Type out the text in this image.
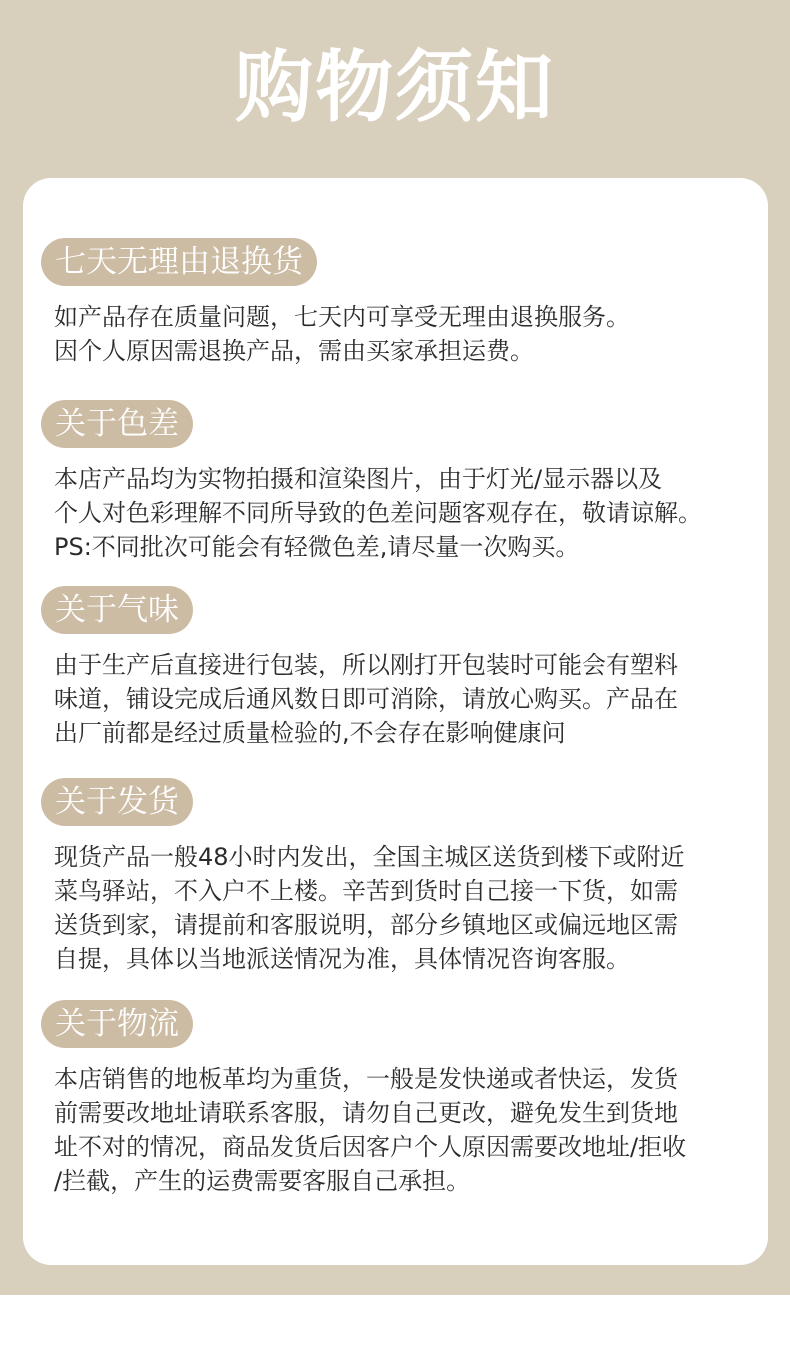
购物须知
七天无理由退换货
如产品存在质量问题，七天内可享受无理由退换服务。
因个人原因需退换产品，需由买家承担运费。
关于色差
本店产品均为实物拍摄和渲染图片，由于灯光/显示器以及
个人对色彩理解不同所导致的色差问题客观存在，敬请谅解。
PS:不同批次可能会有轻微色差,请尽量一次购买。
关于气味
由于生产后直接进行包装，所以刚打开包装时可能会有塑料
味道，铺设完成后通风数日即可消除，请放心购买。产品在
出厂前都是经过质量检验的,不会存在影响健康问
关于发货
现货产品一般48小时内发出，全国主城区送货到楼下或附近
菜鸟驿站，不入户不上楼。辛苦到货时自己接一下货，如需
送货到家，请提前和客服说明，部分乡镇地区或偏远地区需
自提，具体以当地派送情况为准，具体情况咨询客服。
关于物流
本店销售的地板革均为重货，一般是发快递或者快运，发货
前需要改地址请联系客服，请勿自己更改，避免发生到货地
址不对的情况，商品发货后因客户个人原因需要改地址/拒收
/拦截，产生的运费需要客服自己承担。
